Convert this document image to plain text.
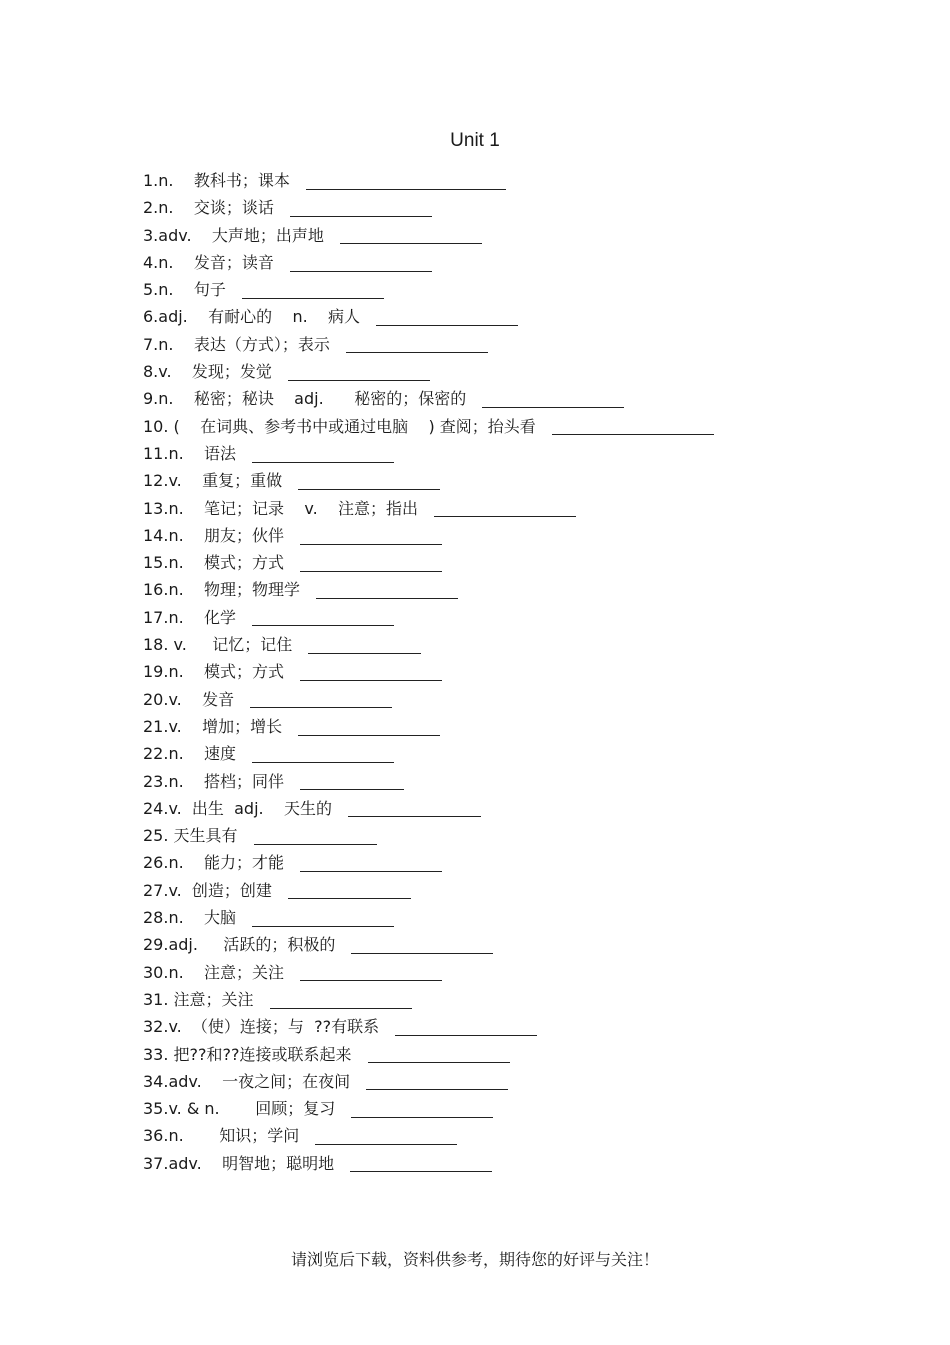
Unit 1
1.n.    教科书；课本
2.n.    交谈；谈话
3.adv.    大声地；出声地
4.n.    发音；读音
5.n.    句子
6.adj.    有耐心的    n.    病人
7.n.    表达（方式）；表示
8.v.    发现；发觉
9.n.    秘密；秘诀    adj.      秘密的；保密的
10. (    在词典、参考书中或通过电脑    ) 查阅；抬头看
11.n.    语法
12.v.    重复；重做
13.n.    笔记；记录    v.    注意；指出
14.n.    朋友；伙伴
15.n.    模式；方式
16.n.    物理；物理学
17.n.    化学
18. v.     记忆；记住
19.n.    模式；方式
20.v.    发音
21.v.    增加；增长
22.n.    速度
23.n.    搭档；同伴
24.v.  出生  adj.    天生的
25. 天生具有
26.n.    能力；才能
27.v.  创造；创建
28.n.    大脑
29.adj.     活跃的；积极的
30.n.    注意；关注
31. 注意；关注
32.v.  （使）连接；与  ??有联系
33. 把??和??连接或联系起来
34.adv.    一夜之间；在夜间
35.v. & n.       回顾；复习
36.n.       知识；学问
37.adv.    明智地；聪明地
请浏览后下载，资料供参考，期待您的好评与关注！
